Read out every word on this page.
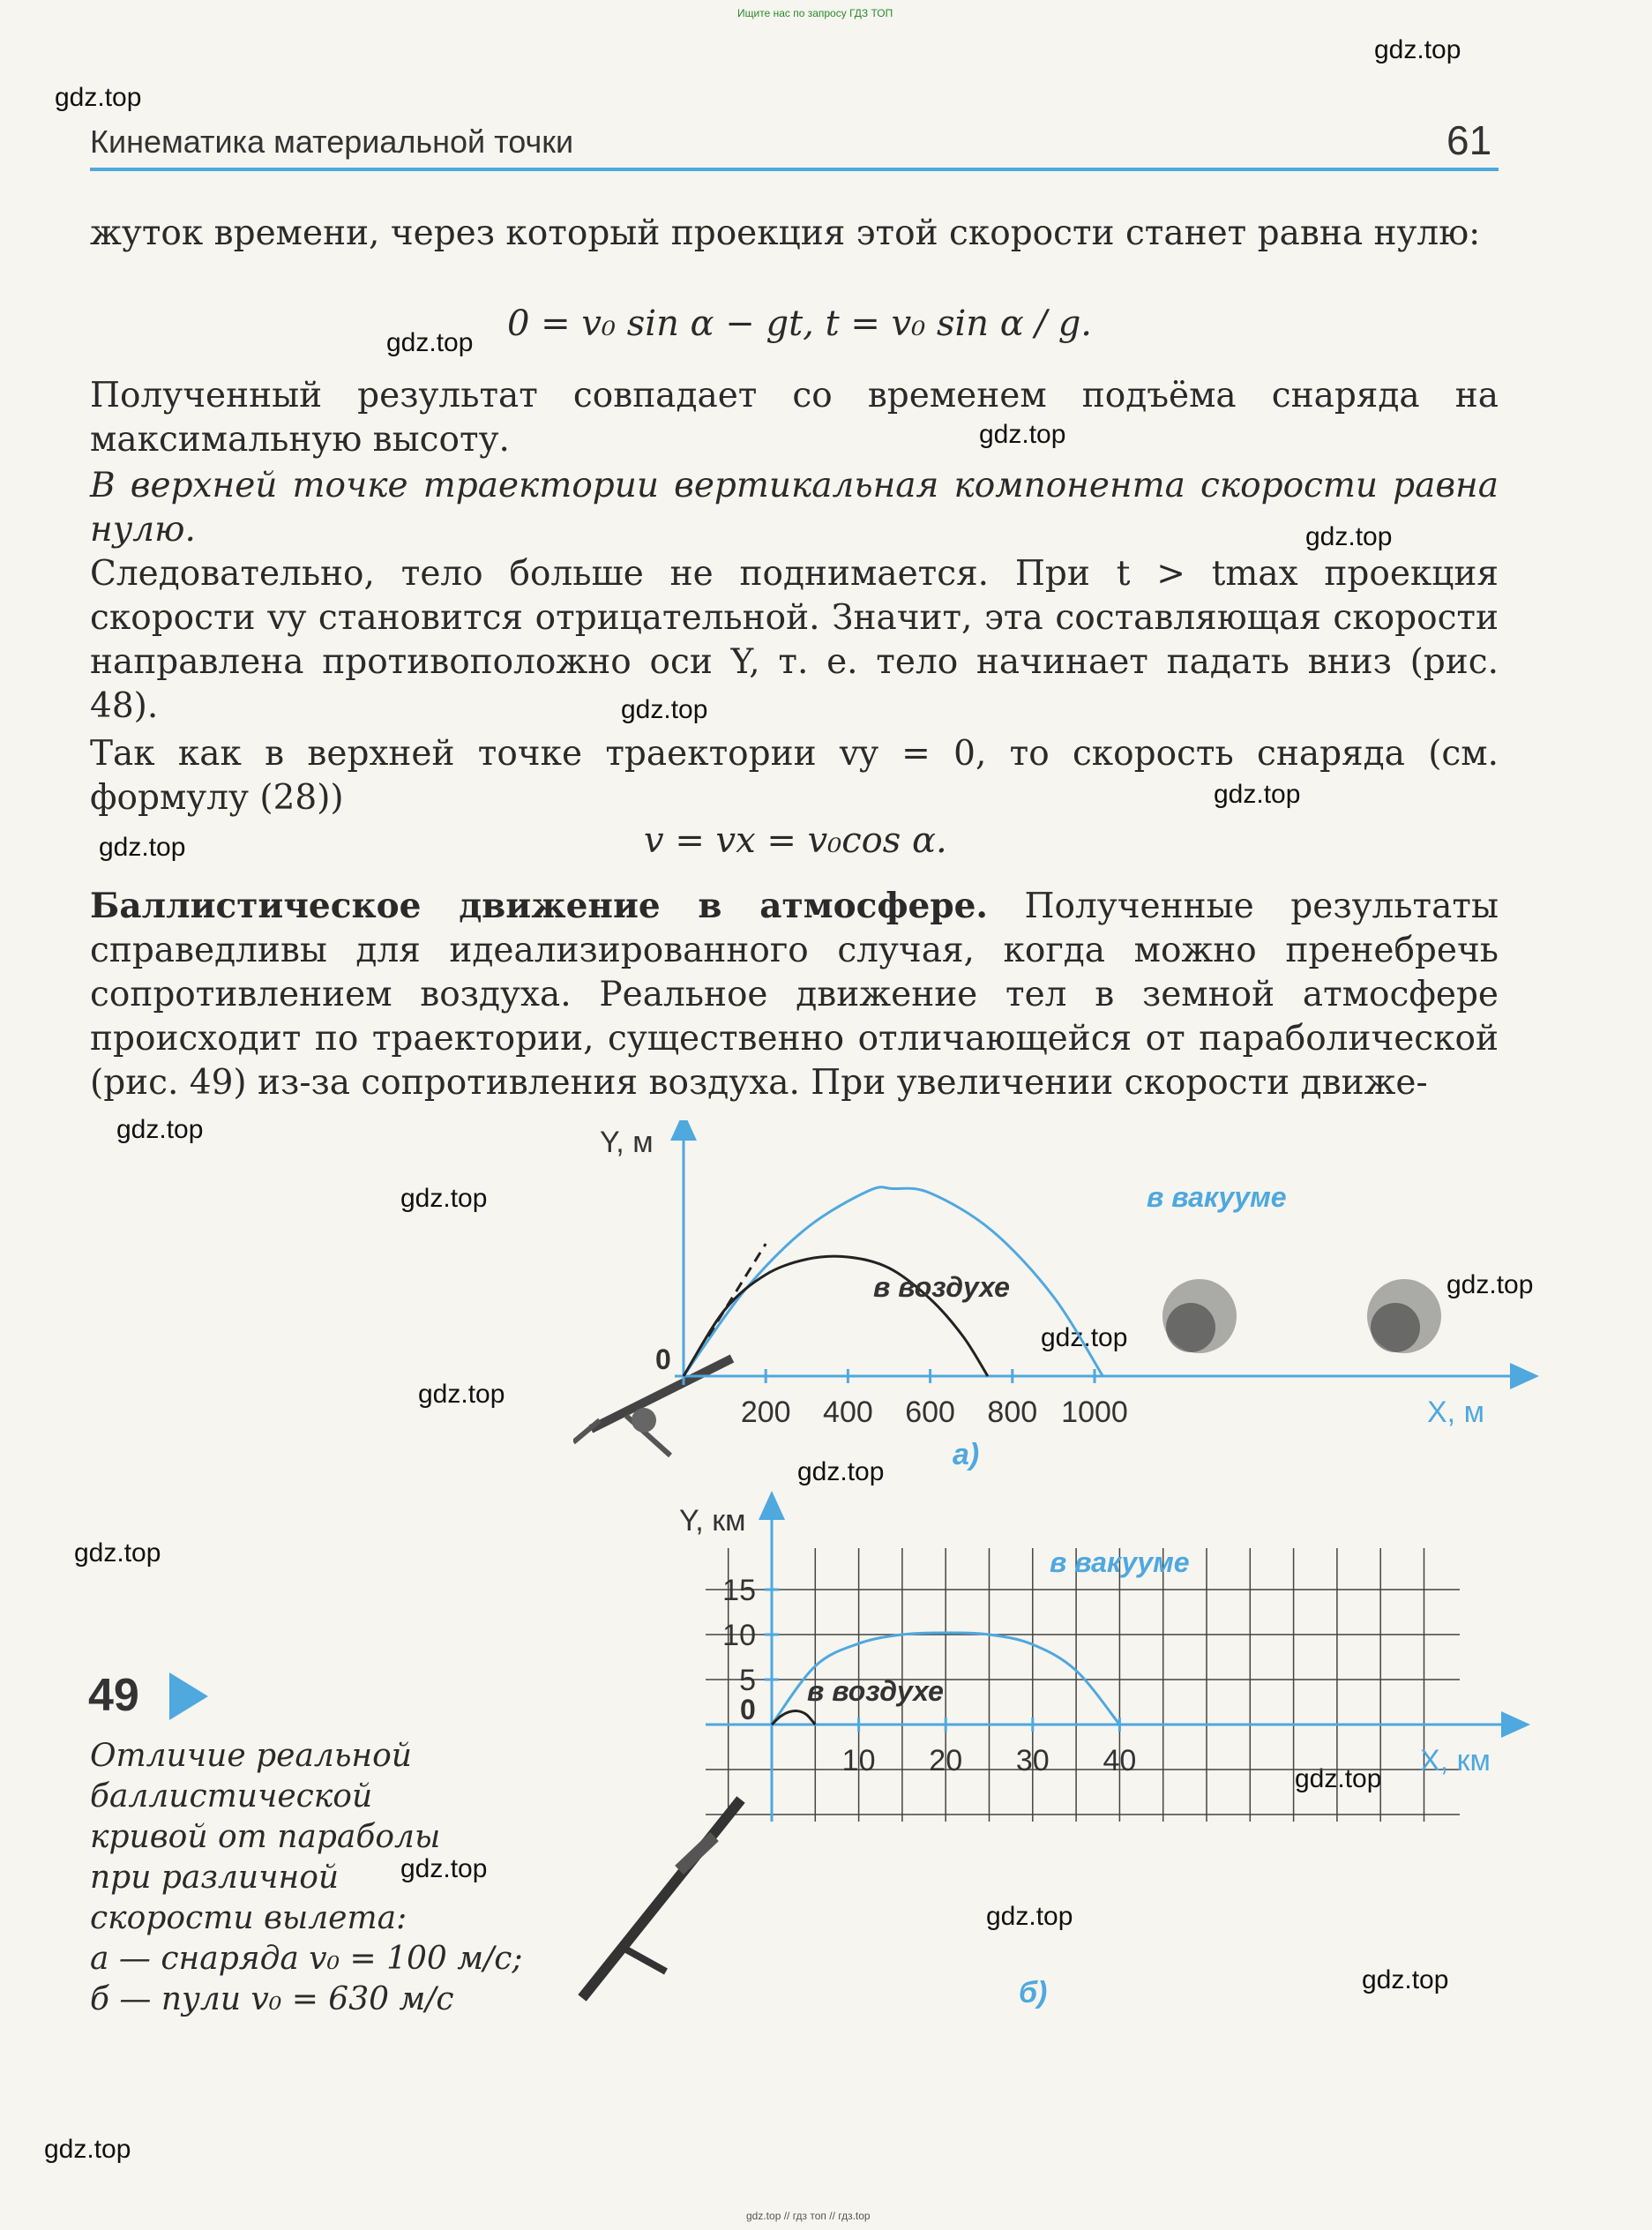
Ищите нас по запросу ГДЗ ТОП
gdz.top // гдз топ // гдз.top
gdz.top
gdz.top
gdz.top
gdz.top
gdz.top
gdz.top
gdz.top
gdz.top
gdz.top
gdz.top
gdz.top
gdz.top
gdz.top
gdz.top
gdz.top
gdz.top
gdz.top
gdz.top
gdz.top
gdz.top
Кинематика материальной точки	61

жуток времени, через который проекция этой скорости станет равна нулю:

0 = v₀ sin α − gt, t = v₀ sin α / g.

Полученный результат совпадает со временем подъёма снаряда на максимальную высоту.

В верхней точке траектории вертикальная компонента скорости равна нулю.

Следовательно, тело больше не поднимается. При t > tmax проекция скорости vy становится отрицательной. Значит, эта составляющая скорости направлена противоположно оси Y, т. е. тело начинает падать вниз (рис. 48).

Так как в верхней точке траектории vy = 0, то скорость снаряда (см. формулу (28))

v = vx = v₀cos α.

Баллистическое движение в атмосфере. Полученные результаты справедливы для идеализированного случая, когда можно пренебречь сопротивлением воздуха. Реальное движение тел в земной атмосфере происходит по траектории, существенно отличающейся от параболической (рис. 49) из-за сопротивления воздуха. При увеличении скорости движе-

49
Отличие реальной
баллистической
кривой от параболы
при различной
скорости вылета:
а — снаряда v₀ = 100 м/с;
б — пули v₀ = 630 м/с
200 400 600 800 1000
Y, м
X, м
0
в вакууме
в воздухе
а)
10 20 30 40
5
10
15
Y, км
X, км
0
в вакууме
в воздухе
б)
